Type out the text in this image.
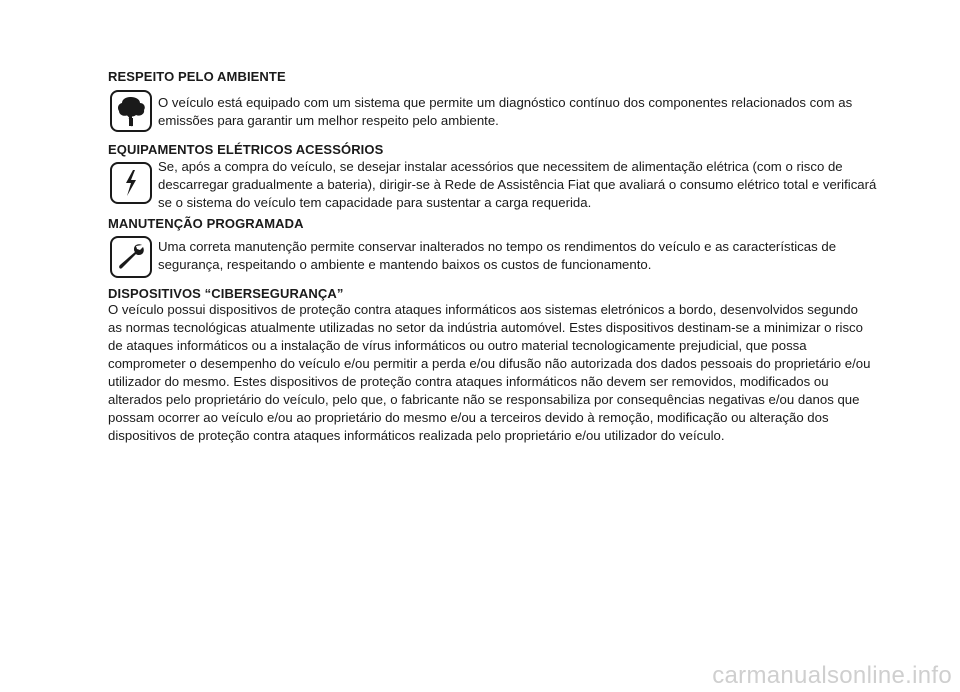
RESPEITO PELO AMBIENTE
O veículo está equipado com um sistema que permite um diagnóstico contínuo dos componentes relacionados com as emissões para garantir um melhor respeito pelo ambiente.
EQUIPAMENTOS ELÉTRICOS ACESSÓRIOS
Se, após a compra do veículo, se desejar instalar acessórios que necessitem de alimentação elétrica (com o risco de descarregar gradualmente a bateria), dirigir-se à Rede de Assistência Fiat que avaliará o consumo elétrico total e verificará se o sistema do veículo tem capacidade para sustentar a carga requerida.
MANUTENÇÃO PROGRAMADA
Uma correta manutenção permite conservar inalterados no tempo os rendimentos do veículo e as características de segurança, respeitando o ambiente e mantendo baixos os custos de funcionamento.
DISPOSITIVOS “CIBERSEGURANÇA”
O veículo possui dispositivos de proteção contra ataques informáticos aos sistemas eletrónicos a bordo, desenvolvidos segundo as normas tecnológicas atualmente utilizadas no setor da indústria automóvel. Estes dispositivos destinam-se a minimizar o risco de ataques informáticos ou a instalação de vírus informáticos ou outro material tecnologicamente prejudicial, que possa comprometer o desempenho do veículo e/ou permitir a perda e/ou difusão não autorizada dos dados pessoais do proprietário e/ou utilizador do mesmo. Estes dispositivos de proteção contra ataques informáticos não devem ser removidos, modificados ou alterados pelo proprietário do veículo, pelo que, o fabricante não se responsabiliza por consequências negativas e/ou danos que possam ocorrer ao veículo e/ou ao proprietário do mesmo e/ou a terceiros devido à remoção, modificação ou alteração dos dispositivos de proteção contra ataques informáticos realizada pelo proprietário e/ou utilizador do veículo.
carmanualsonline.info
